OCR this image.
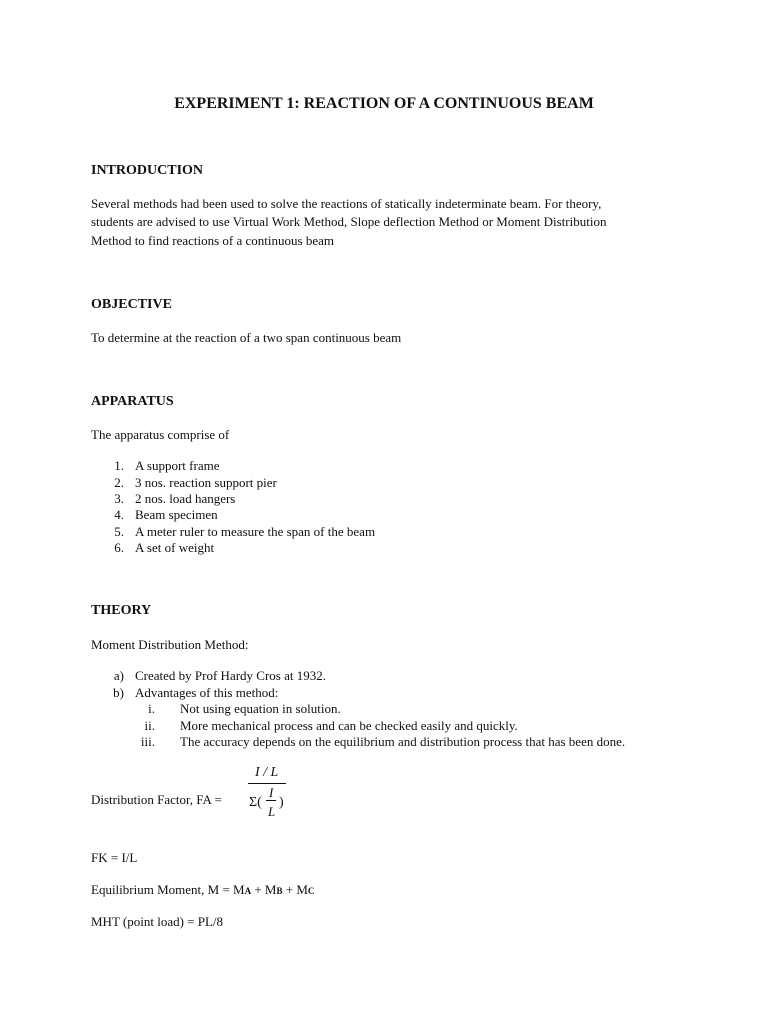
EXPERIMENT 1: REACTION OF A CONTINUOUS BEAM
INTRODUCTION
Several methods had been used to solve the reactions of statically indeterminate beam. For theory,
students are advised to use Virtual Work Method, Slope deflection Method or Moment Distribution
Method to find reactions of a continuous beam
OBJECTIVE
To determine at the reaction of a two span continuous beam
APPARATUS
The apparatus comprise of
1. A support frame
2. 3 nos. reaction support pier
3. 2 nos. load hangers
4. Beam specimen
5. A meter ruler to measure the span of the beam
6. A set of weight
THEORY
Moment Distribution Method:
a) Created by Prof Hardy Cros at 1932.
b) Advantages of this method:
i. Not using equation in solution.
ii. More mechanical process and can be checked easily and quickly.
iii. The accuracy depends on the equilibrium and distribution process that has been done.
Distribution Factor, FA =
I / L
Σ(
I
L
)
FK = I/L
Equilibrium Moment, M = MA + MB + MC
MHT (point load) = PL/8
